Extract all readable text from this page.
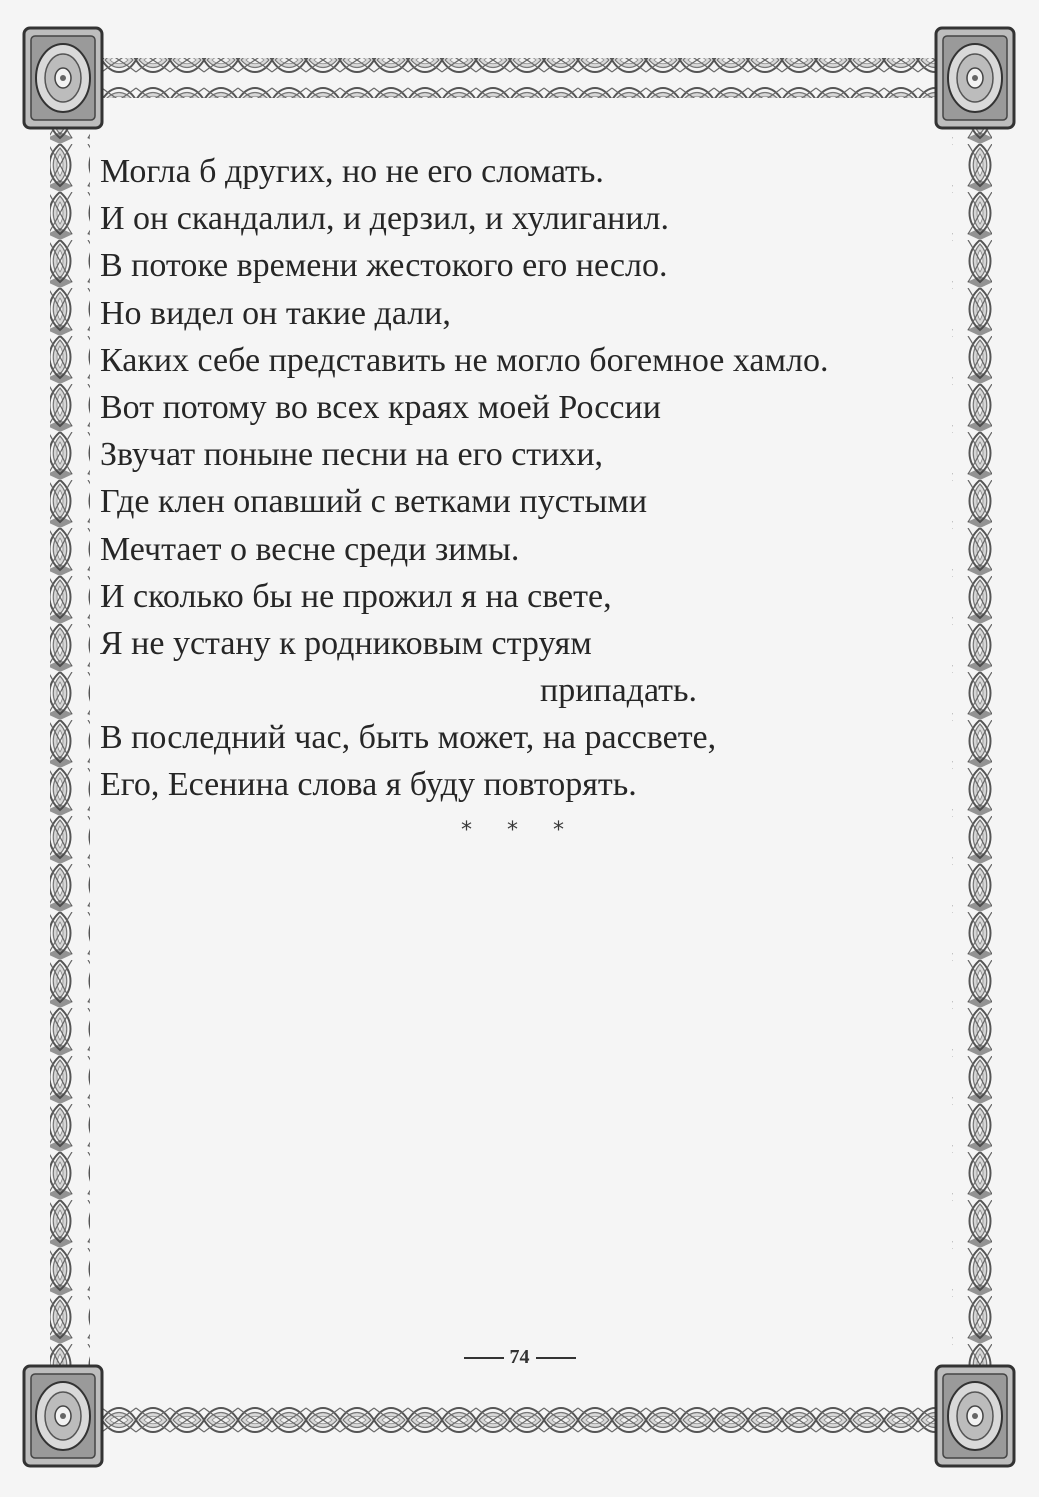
Могла б других, но не его сломать.
И он скандалил, и дерзил, и хулиганил.
В потоке времени жестокого его несло.
Но видел он такие дали,
Каких себе представить не могло богемное хамло.
Вот потому во всех краях моей России
Звучат поныне песни на его стихи,
Где клен опавший с ветками пустыми
Мечтает о весне среди зимы.
И сколько бы не прожил я на свете,
Я не устану к родниковым струям
припадать.
В последний час, быть может, на рассвете,
Его, Есенина слова я буду повторять.
* * *
74
